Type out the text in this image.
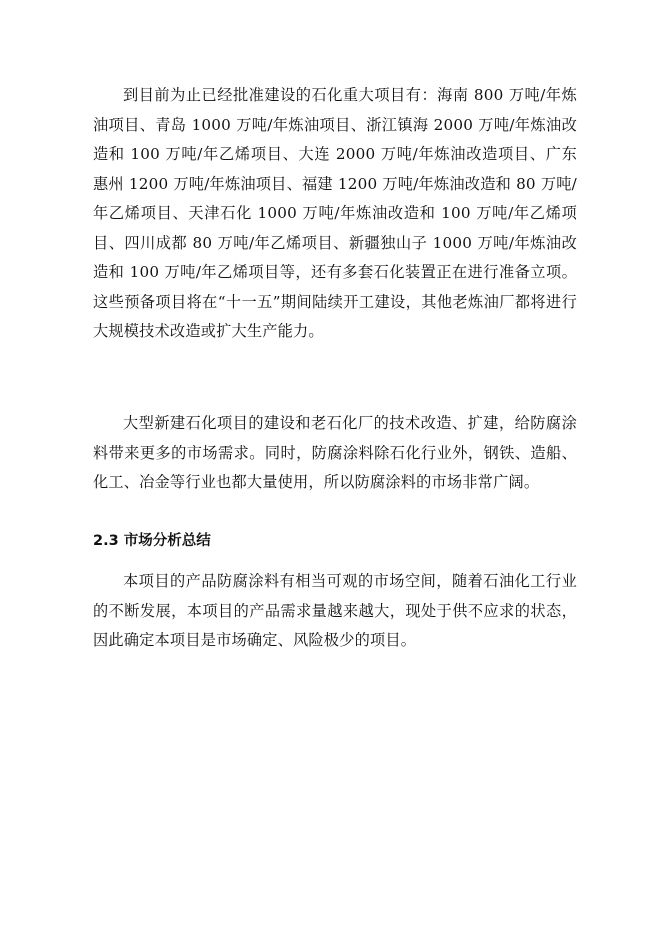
到目前为止已经批准建设的石化重大项目有：海南 800 万吨/年炼油项目、青岛 1000 万吨/年炼油项目、浙江镇海 2000 万吨/年炼油改造和 100 万吨/年乙烯项目、大连 2000 万吨/年炼油改造项目、广东惠州 1200 万吨/年炼油项目、福建 1200 万吨/年炼油改造和 80 万吨/年乙烯项目、天津石化 1000 万吨/年炼油改造和 100 万吨/年乙烯项目、四川成都 80 万吨/年乙烯项目、新疆独山子 1000 万吨/年炼油改造和 100 万吨/年乙烯项目等，还有多套石化装置正在进行准备立项。这些预备项目将在“十一五”期间陆续开工建设，其他老炼油厂都将进行大规模技术改造或扩大生产能力。

大型新建石化项目的建设和老石化厂的技术改造、扩建，给防腐涂料带来更多的市场需求。同时，防腐涂料除石化行业外，钢铁、造船、化工、冶金等行业也都大量使用，所以防腐涂料的市场非常广阔。

2.3 市场分析总结

本项目的产品防腐涂料有相当可观的市场空间，随着石油化工行业的不断发展，本项目的产品需求量越来越大，现处于供不应求的状态，因此确定本项目是市场确定、风险极少的项目。
